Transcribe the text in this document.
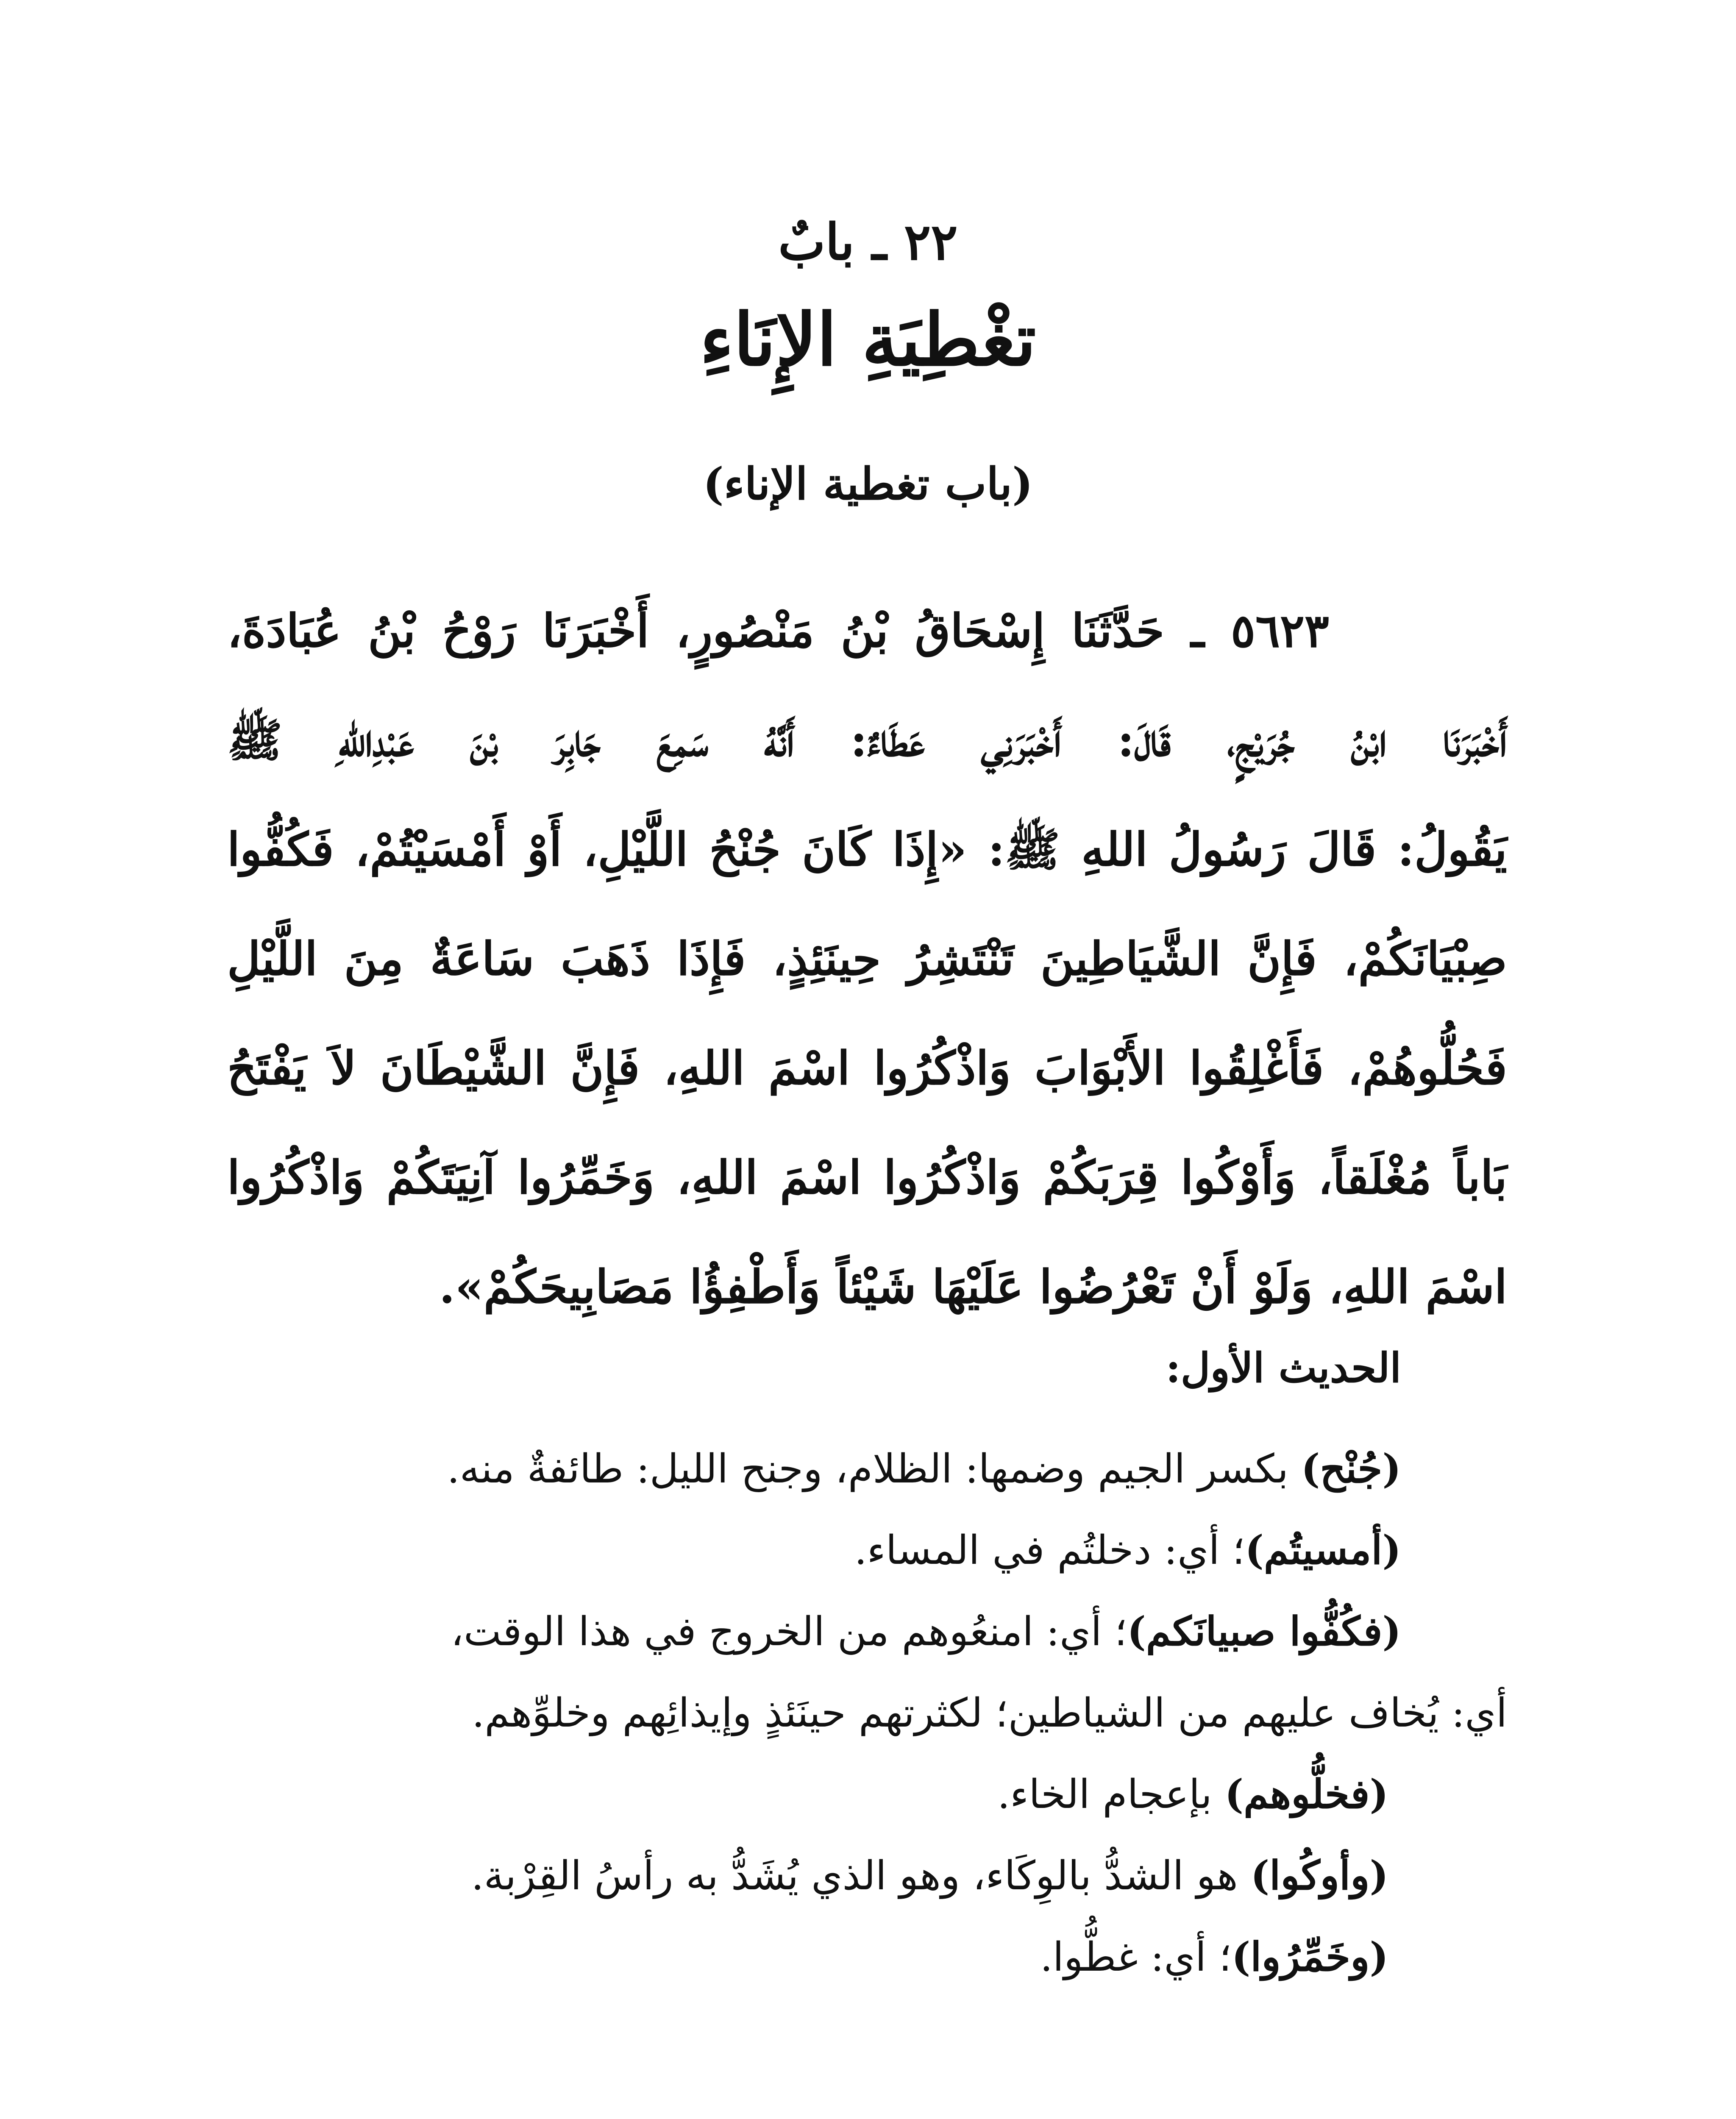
٢٢ ـ بابٌ
تغْطِيَةِ الإِنَاءِ
(باب تغطية الإناء)
٥٦٢٣ ـ حَدَّثَنَا إِسْحَاقُ بْنُ مَنْصُورٍ، أَخْبَرَنَا رَوْحُ بْنُ عُبَادَةَ،
أَخْبَرَنَا ابْنُ جُرَيْجٍ، قَالَ: أَخْبَرَنِي عَطَاءٌ: أَنَّهُ سَمِعَ جَابِرَ بْنَ عَبْدِاللهِ ﷺ
يَقُولُ: قَالَ رَسُولُ اللهِ ﷺ: «إِذَا كَانَ جُنْحُ اللَّيْلِ، أَوْ أَمْسَيْتُمْ، فَكُفُّوا
صِبْيَانَكُمْ، فَإِنَّ الشَّيَاطِينَ تَنْتَشِرُ حِينَئِذٍ، فَإِذَا ذَهَبَ سَاعَةٌ مِنَ اللَّيْلِ
فَحُلُّوهُمْ، فَأَغْلِقُوا الأَبْوَابَ وَاذْكُرُوا اسْمَ اللهِ، فَإِنَّ الشَّيْطَانَ لاَ يَفْتَحُ
بَاباً مُغْلَقاً، وَأَوْكُوا قِرَبَكُمْ وَاذْكُرُوا اسْمَ اللهِ، وَخَمِّرُوا آنِيَتَكُمْ وَاذْكُرُوا
اسْمَ اللهِ، وَلَوْ أَنْ تَعْرُضُوا عَلَيْهَا شَيْئاً وَأَطْفِؤُا مَصَابِيحَكُمْ».
الحديث الأول:
(جُنْح) بكسر الجيم وضمها: الظلام، وجنح الليل: طائفةٌ منه.
(أمسيتُم)؛ أي: دخلتُم في المساء.
(فكُفُّوا صبيانَكم)؛ أي: امنعُوهم من الخروج في هذا الوقت،
أي: يُخاف عليهم من الشياطين؛ لكثرتهم حينَئذٍ وإيذائِهم وخلوِّهم.
(فخلُّوهم) بإعجام الخاء.
(وأوكُوا) هو الشدُّ بالوِكَاء، وهو الذي يُشَدُّ به رأسُ القِرْبة.
(وخَمِّرُوا)؛ أي: غطُّوا.
